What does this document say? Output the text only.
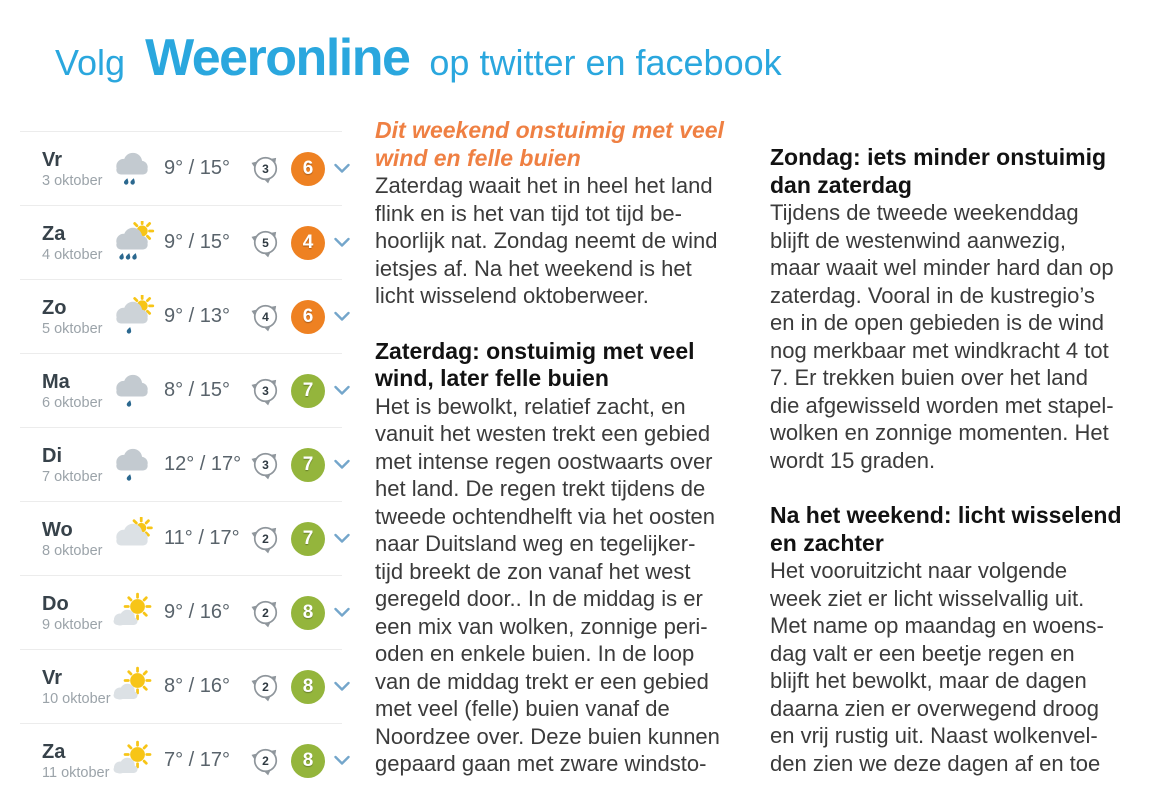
Volg Weeronline op twitter en facebook
Vr
3 oktober
9° / 15°	3	6
Za
4 oktober
9° / 15°	5	4
Zo
5 oktober
9° / 13°	4	6
Ma
6 oktober
8° / 15°	3	7
Di
7 oktober
12° / 17°	3	7
Wo
8 oktober
11° / 17°	2	7
Do
9 oktober
9° / 16°	2	8
Vr
10 oktober
8° / 16°	2	8
Za
11 oktober
7° / 17°	2	8
Dit weekend onstuimig met veel
wind en felle buien
Zaterdag waait het in heel het land
flink en is het van tijd tot tijd be-
hoorlijk nat. Zondag neemt de wind
ietsjes af. Na het weekend is het
licht wisselend oktoberweer.
Zaterdag: onstuimig met veel
wind, later felle buien
Het is bewolkt, relatief zacht, en
vanuit het westen trekt een gebied
met intense regen oostwaarts over
het land. De regen trekt tijdens de
tweede ochtendhelft via het oosten
naar Duitsland weg en tegelijker-
tijd breekt de zon vanaf het west
geregeld door.. In de middag is er
een mix van wolken, zonnige peri-
oden en enkele buien. In de loop
van de middag trekt er een gebied
met veel (felle) buien vanaf de
Noordzee over. Deze buien kunnen
gepaard gaan met zware windsto-
Zondag: iets minder onstuimig
dan zaterdag
Tijdens de tweede weekenddag
blijft de westenwind aanwezig,
maar waait wel minder hard dan op
zaterdag. Vooral in de kustregio’s
en in de open gebieden is de wind
nog merkbaar met windkracht 4 tot
7. Er trekken buien over het land
die afgewisseld worden met stapel-
wolken en zonnige momenten. Het
wordt 15 graden.
Na het weekend: licht wisselend
en zachter
Het vooruitzicht naar volgende
week ziet er licht wisselvallig uit.
Met name op maandag en woens-
dag valt er een beetje regen en
blijft het bewolkt, maar de dagen
daarna zien er overwegend droog
en vrij rustig uit. Naast wolkenvel-
den zien we deze dagen af en toe
